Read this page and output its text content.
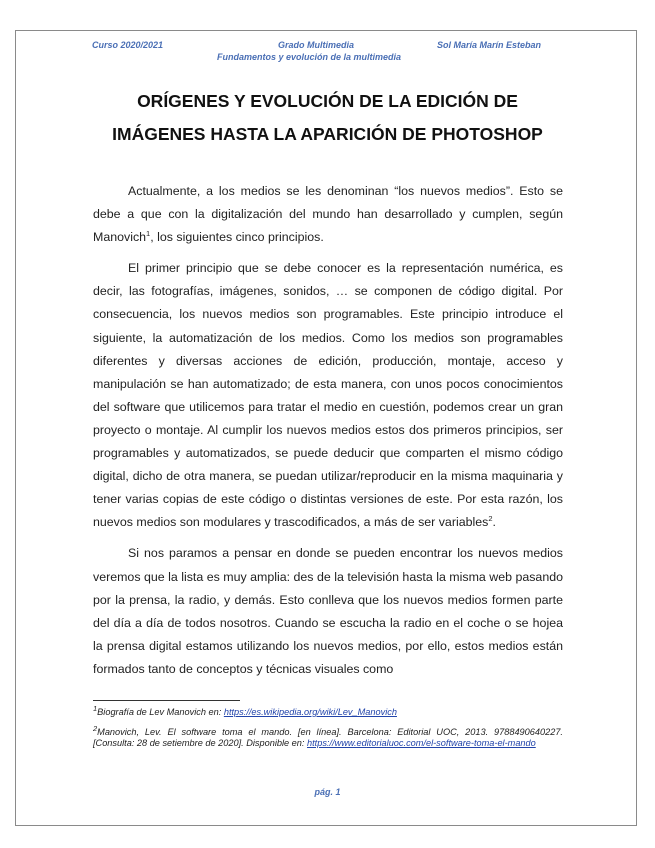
Curso 2020/2021	Grado Multimedia	Sol María Marín Esteban
Fundamentos y evolución de la multimedia
ORÍGENES Y EVOLUCIÓN DE LA EDICIÓN DE
IMÁGENES HASTA LA APARICIÓN DE PHOTOSHOP

Actualmente, a los medios se les denominan “los nuevos medios”. Esto se debe a que con la digitalización del mundo han desarrollado y cumplen, según Manovich$^1$, los siguientes cinco principios.

El primer principio que se debe conocer es la representación numérica, es decir, las fotografías, imágenes, sonidos, … se componen de código digital. Por consecuencia, los nuevos medios son programables. Este principio introduce el siguiente, la automatización de los medios. Como los medios son programables diferentes y diversas acciones de edición, producción, montaje, acceso y manipulación se han automatizado; de esta manera, con unos pocos conocimientos del software que utilicemos para tratar el medio en cuestión, podemos crear un gran proyecto o montaje. Al cumplir los nuevos medios estos dos primeros principios, ser programables y automatizados, se puede deducir que comparten el mismo código digital, dicho de otra manera, se puedan utilizar/reproducir en la misma maquinaria y tener varias copias de este código o distintas versiones de este. Por esta razón, los nuevos medios son modulares y trascodificados, a más de ser variables$^2$.

Si nos paramos a pensar en donde se pueden encontrar los nuevos medios veremos que la lista es muy amplia: des de la televisión hasta la misma web pasando por la prensa, la radio, y demás. Esto conlleva que los nuevos medios formen parte del día a día de todos nosotros. Cuando se escucha la radio en el coche o se hojea la prensa digital estamos utilizando los nuevos medios, por ello, estos medios están formados tanto de conceptos y técnicas visuales como

$^1$Biografía de Lev Manovich en: https://es.wikipedia.org/wiki/Lev_Manovich
$^2$Manovich, Lev. El software toma el mando. [en línea]. Barcelona: Editorial UOC, 2013. 9788490640227. [Consulta: 28 de setiembre de 2020]. Disponible en: https://www.editorialuoc.com/el-software-toma-el-mando
pág. 1
